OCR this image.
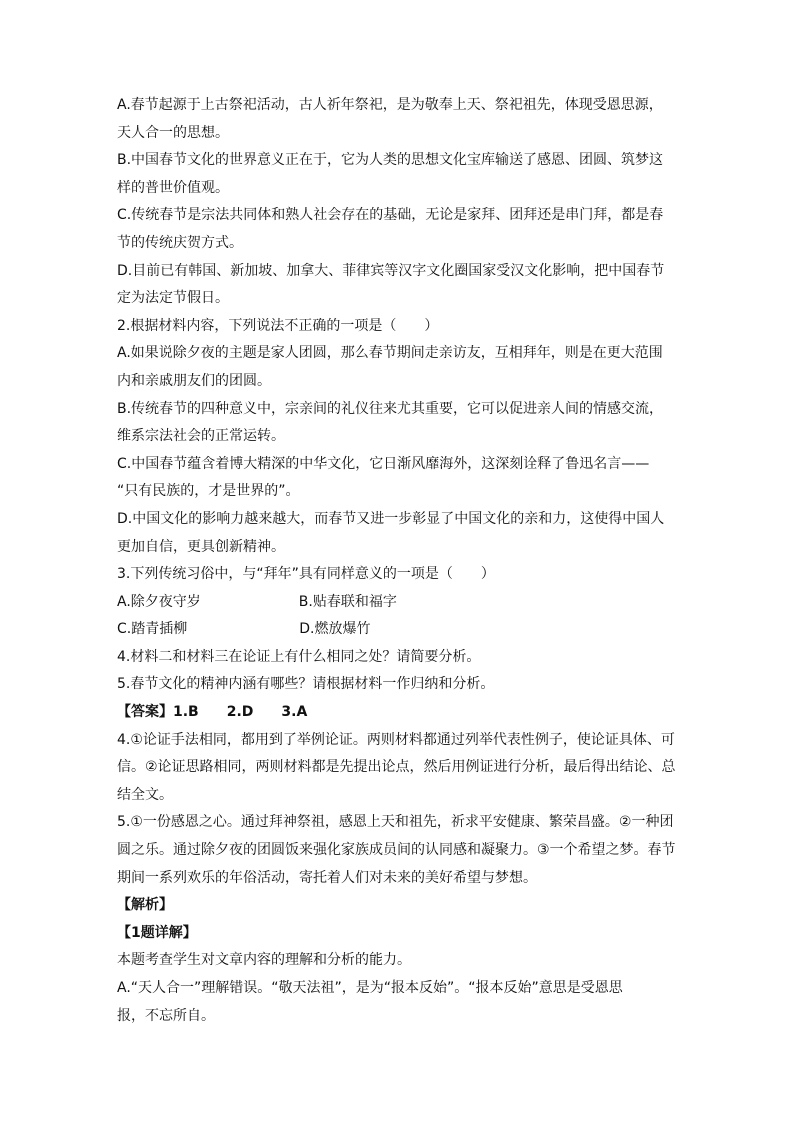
A.春节起源于上古祭祀活动，古人祈年祭祀，是为敬奉上天、祭祀祖先，体现受恩思源，
天人合一的思想。
B.中国春节文化的世界意义正在于，它为人类的思想文化宝库输送了感恩、团圆、筑梦这
样的普世价值观。
C.传统春节是宗法共同体和熟人社会存在的基础，无论是家拜、团拜还是串门拜，都是春
节的传统庆贺方式。
D.目前已有韩国、新加坡、加拿大、菲律宾等汉字文化圈国家受汉文化影响，把中国春节
定为法定节假日。
2.根据材料内容，下列说法不正确的一项是（　　）
A.如果说除夕夜的主题是家人团圆，那么春节期间走亲访友，互相拜年，则是在更大范围
内和亲戚朋友们的团圆。
B.传统春节的四种意义中，宗亲间的礼仪往来尤其重要，它可以促进亲人间的情感交流，
维系宗法社会的正常运转。
C.中国春节蕴含着博大精深的中华文化，它日渐风靡海外，这深刻诠释了鲁迅名言——
“只有民族的，才是世界的”。
D.中国文化的影响力越来越大，而春节又进一步彰显了中国文化的亲和力，这使得中国人
更加自信，更具创新精神。
3.下列传统习俗中，与“拜年”具有同样意义的一项是（　　）
A.除夕夜守岁　　　　　　　B.贴春联和福字
C.踏青插柳　　　　　　　　D.燃放爆竹
4.材料二和材料三在论证上有什么相同之处？请简要分析。
5.春节文化的精神内涵有哪些？请根据材料一作归纳和分析。
【答案】1.B　　2.D　　3.A
4.①论证手法相同，都用到了举例论证。两则材料都通过列举代表性例子，使论证具体、可
信。②论证思路相同，两则材料都是先提出论点，然后用例证进行分析，最后得出结论、总
结全文。
5.①一份感恩之心。通过拜神祭祖，感恩上天和祖先，祈求平安健康、繁荣昌盛。②一种团
圆之乐。通过除夕夜的团圆饭来强化家族成员间的认同感和凝聚力。③一个希望之梦。春节
期间一系列欢乐的年俗活动，寄托着人们对未来的美好希望与梦想。
【解析】
【1题详解】
本题考查学生对文章内容的理解和分析的能力。
A.“天人合一”理解错误。“敬天法祖”，是为“报本反始”。“报本反始”意思是受恩思
报，不忘所自。
